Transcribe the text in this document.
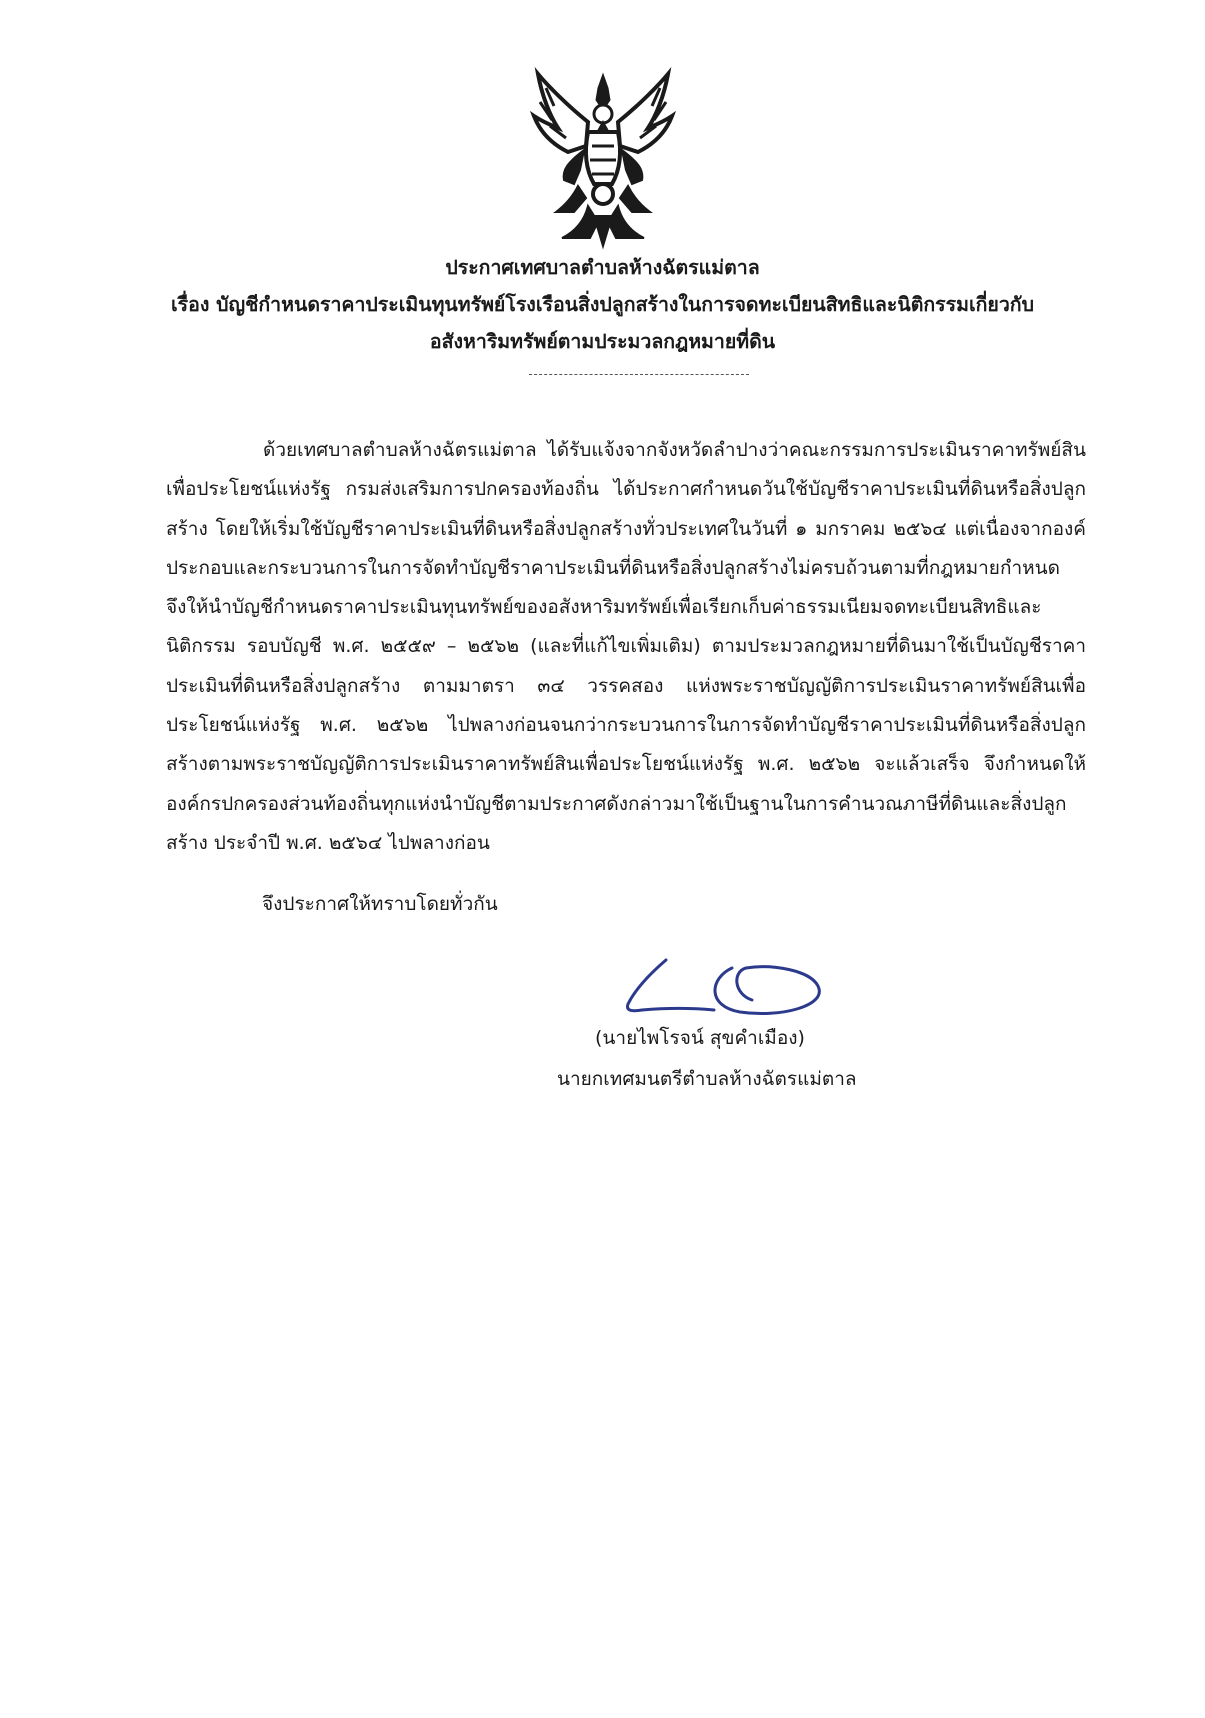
ประกาศเทศบาลตำบลห้างฉัตรแม่ตาล
เรื่อง บัญชีกำหนดราคาประเมินทุนทรัพย์โรงเรือนสิ่งปลูกสร้างในการจดทะเบียนสิทธิและนิติกรรมเกี่ยวกับ
อสังหาริมทรัพย์ตามประมวลกฎหมายที่ดิน
ด้วยเทศบาลตำบลห้างฉัตรแม่ตาล ได้รับแจ้งจากจังหวัดลำปางว่าคณะกรรมการประเมินราคาทรัพย์สินเพื่อประโยชน์แห่งรัฐ กรมส่งเสริมการปกครองท้องถิ่น ได้ประกาศกำหนดวันใช้บัญชีราคาประเมินที่ดินหรือสิ่งปลูกสร้าง โดยให้เริ่มใช้บัญชีราคาประเมินที่ดินหรือสิ่งปลูกสร้างทั่วประเทศในวันที่ ๑ มกราคม ๒๕๖๔ แต่เนื่องจากองค์ประกอบและกระบวนการในการจัดทำบัญชีราคาประเมินที่ดินหรือสิ่งปลูกสร้างไม่ครบถ้วนตามที่กฎหมายกำหนด จึงให้นำบัญชีกำหนดราคาประเมินทุนทรัพย์ของอสังหาริมทรัพย์เพื่อเรียกเก็บค่าธรรมเนียมจดทะเบียนสิทธิและนิติกรรม รอบบัญชี พ.ศ. ๒๕๕๙ – ๒๕๖๒ (และที่แก้ไขเพิ่มเติม) ตามประมวลกฎหมายที่ดินมาใช้เป็นบัญชีราคาประเมินที่ดินหรือสิ่งปลูกสร้าง ตามมาตรา ๓๔ วรรคสอง แห่งพระราชบัญญัติการประเมินราคาทรัพย์สินเพื่อประโยชน์แห่งรัฐ พ.ศ. ๒๕๖๒ ไปพลางก่อนจนกว่ากระบวนการในการจัดทำบัญชีราคาประเมินที่ดินหรือสิ่งปลูกสร้างตามพระราชบัญญัติการประเมินราคาทรัพย์สินเพื่อประโยชน์แห่งรัฐ พ.ศ. ๒๕๖๒ จะแล้วเสร็จ จึงกำหนดให้องค์กรปกครองส่วนท้องถิ่นทุกแห่งนำบัญชีตามประกาศดังกล่าวมาใช้เป็นฐานในการคำนวณภาษีที่ดินและสิ่งปลูกสร้าง ประจำปี พ.ศ. ๒๕๖๔ ไปพลางก่อน
จึงประกาศให้ทราบโดยทั่วกัน
(นายไพโรจน์ สุขคำเมือง)
นายกเทศมนตรีตำบลห้างฉัตรแม่ตาล
